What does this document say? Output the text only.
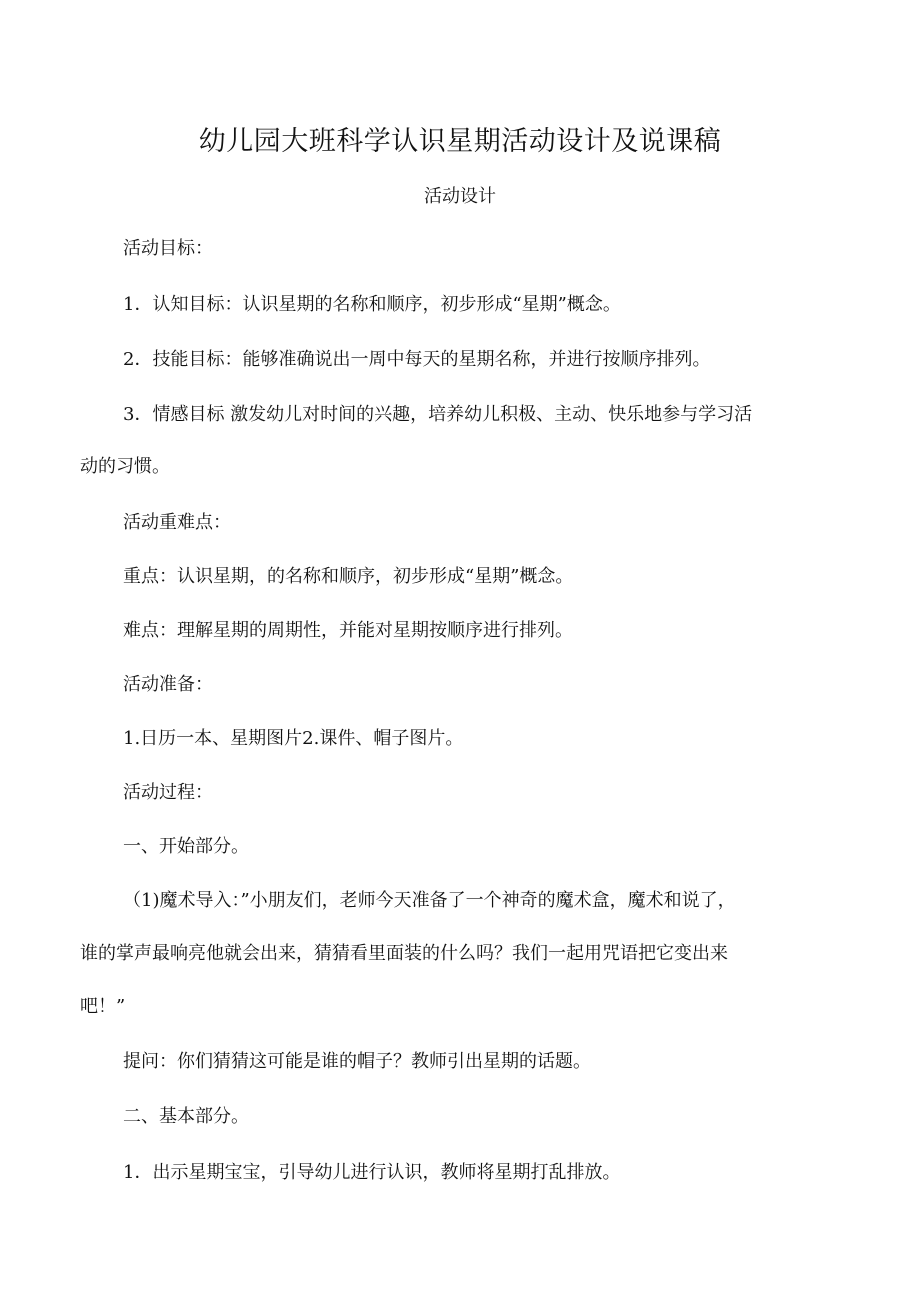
幼儿园大班科学认识星期活动设计及说课稿
活动设计
活动目标：
1．认知目标：认识星期的名称和顺序，初步形成“星期”概念。
2．技能目标：能够准确说出一周中每天的星期名称，并进行按顺序排列。
3．情感目标 激发幼儿对时间的兴趣，培养幼儿积极、主动、快乐地参与学习活
动的习惯。
活动重难点：
重点：认识星期，的名称和顺序，初步形成“星期”概念。
难点：理解星期的周期性，并能对星期按顺序进行排列。
活动准备：
1.日历一本、星期图片2.课件、帽子图片。
活动过程：
一、开始部分。
（1)魔术导入：”小朋友们，老师今天准备了一个神奇的魔术盒，魔术和说了，
谁的掌声最响亮他就会出来，猜猜看里面装的什么吗？我们一起用咒语把它变出来
吧！”
提问：你们猜猜这可能是谁的帽子？教师引出星期的话题。
二、基本部分。
1．出示星期宝宝，引导幼儿进行认识，教师将星期打乱排放。
